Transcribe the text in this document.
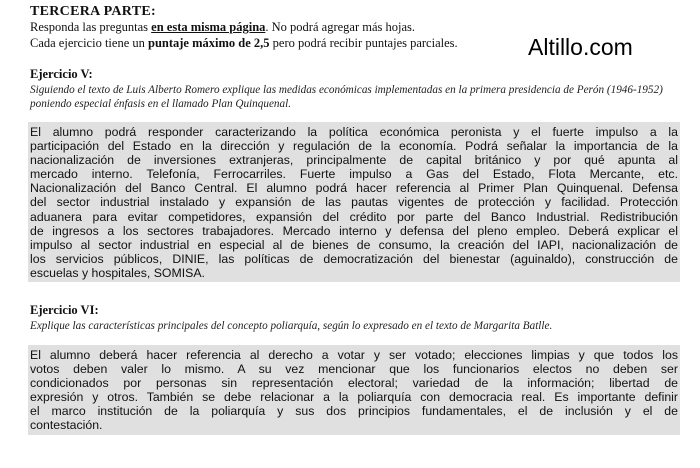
TERCERA PARTE:
Responda las preguntas en esta misma página. No podrá agregar más hojas.
Cada ejercicio tiene un puntaje máximo de 2,5 pero podrá recibir puntajes parciales.	Altillo.com
Ejercicio V:
Siguiendo el texto de Luis Alberto Romero explique las medidas económicas implementadas en la primera presidencia de Perón (1946-1952) poniendo especial énfasis en el llamado Plan Quinquenal.
El alumno podrá responder caracterizando la política económica peronista y el fuerte impulso a la
participación del Estado en la dirección y regulación de la economía. Podrá señalar la importancia de la
nacionalización de inversiones extranjeras, principalmente de capital británico y por qué apunta al
mercado interno. Telefonía, Ferrocarriles. Fuerte impulso a Gas del Estado, Flota Mercante, etc.
Nacionalización del Banco Central. El alumno podrá hacer referencia al Primer Plan Quinquenal. Defensa
del sector industrial instalado y expansión de las pautas vigentes de protección y facilidad. Protección
aduanera para evitar competidores, expansión del crédito por parte del Banco Industrial. Redistribución
de ingresos a los sectores trabajadores. Mercado interno y defensa del pleno empleo. Deberá explicar el
impulso al sector industrial en especial al de bienes de consumo, la creación del IAPI, nacionalización de
los servicios públicos, DINIE, las políticas de democratización del bienestar (aguinaldo), construcción de
escuelas y hospitales, SOMISA.
Ejercicio VI:
Explique las características principales del concepto poliarquía, según lo expresado en el texto de Margarita Batlle.
El alumno deberá hacer referencia al derecho a votar y ser votado; elecciones limpias y que todos los
votos deben valer lo mismo. A su vez mencionar que los funcionarios electos no deben ser
condicionados por personas sin representación electoral; variedad de la información; libertad de
expresión y otros. También se debe relacionar a la poliarquía con democracia real. Es importante definir
el marco institución de la poliarquía y sus dos principios fundamentales, el de inclusión y el de
contestación.
